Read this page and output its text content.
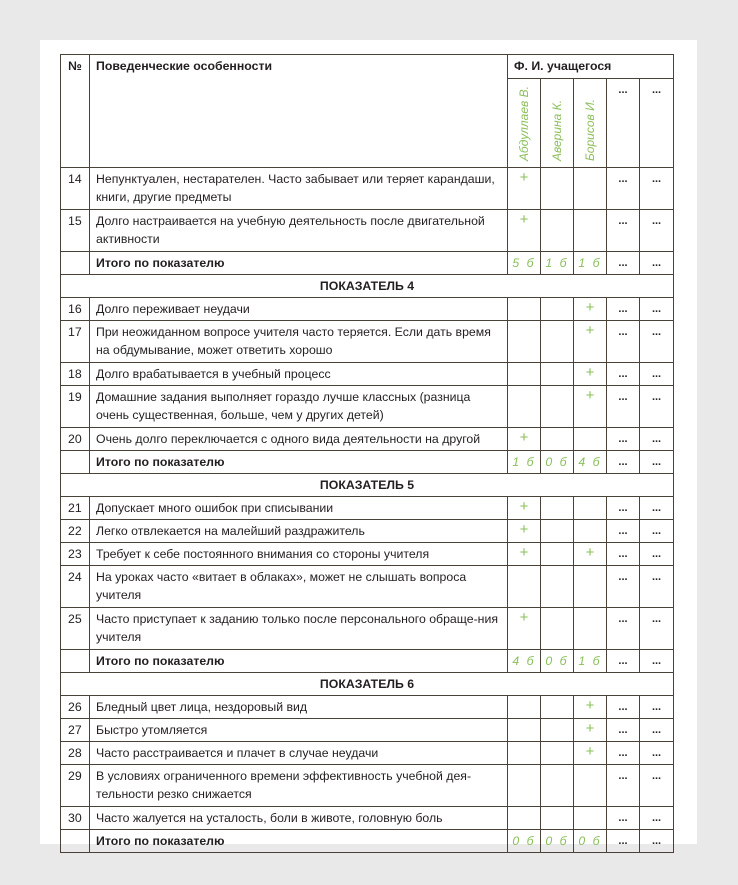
№	Поведенческие особенности	Ф. И. учащегося				

		Абдуллаев В.	Аверина К.	Борисов И.	...	...
14	Непунктуален, нестарателен. Часто забывает или теряет карандаши, книги, другие предметы	+			...	...
15	Долго настраивается на учебную деятельность после двигательной активности	+			...	...
	Итого по показателю	5 б	1 б	1 б	...	...
ПОКАЗАТЕЛЬ 4						
16	Долго переживает неудачи			+	...	...
17	При неожиданном вопросе учителя часто теряется. Если дать время на обдумывание, может ответить хорошо			+	...	...
18	Долго врабатывается в учебный процесс			+	...	...
19	Домашние задания выполняет гораздо лучше классных (разница очень существенная, больше, чем у других детей)			+	...	...
20	Очень долго переключается с одного вида деятельности на другой	+			...	...
	Итого по показателю	1 б	0 б	4 б	...	...
ПОКАЗАТЕЛЬ 5						
21	Допускает много ошибок при списывании	+			...	...
22	Легко отвлекается на малейший раздражитель	+			...	...
23	Требует к себе постоянного внимания со стороны учителя	+		+	...	...
24	На уроках часто «витает в облаках», может не слышать вопроса учителя				...	...
25	Часто приступает к заданию только после персонального обраще-ния учителя	+			...	...
	Итого по показателю	4 б	0 б	1 б	...	...
ПОКАЗАТЕЛЬ 6						
26	Бледный цвет лица, нездоровый вид			+	...	...
27	Быстро утомляется			+	...	...
28	Часто расстраивается и плачет в случае неудачи			+	...	...
29	В условиях ограниченного времени эффективность учебной дея-тельности резко снижается				...	...
30	Часто жалуется на усталость, боли в животе, головную боль				...	...
	Итого по показателю	0 б	0 б	0 б	...	...
